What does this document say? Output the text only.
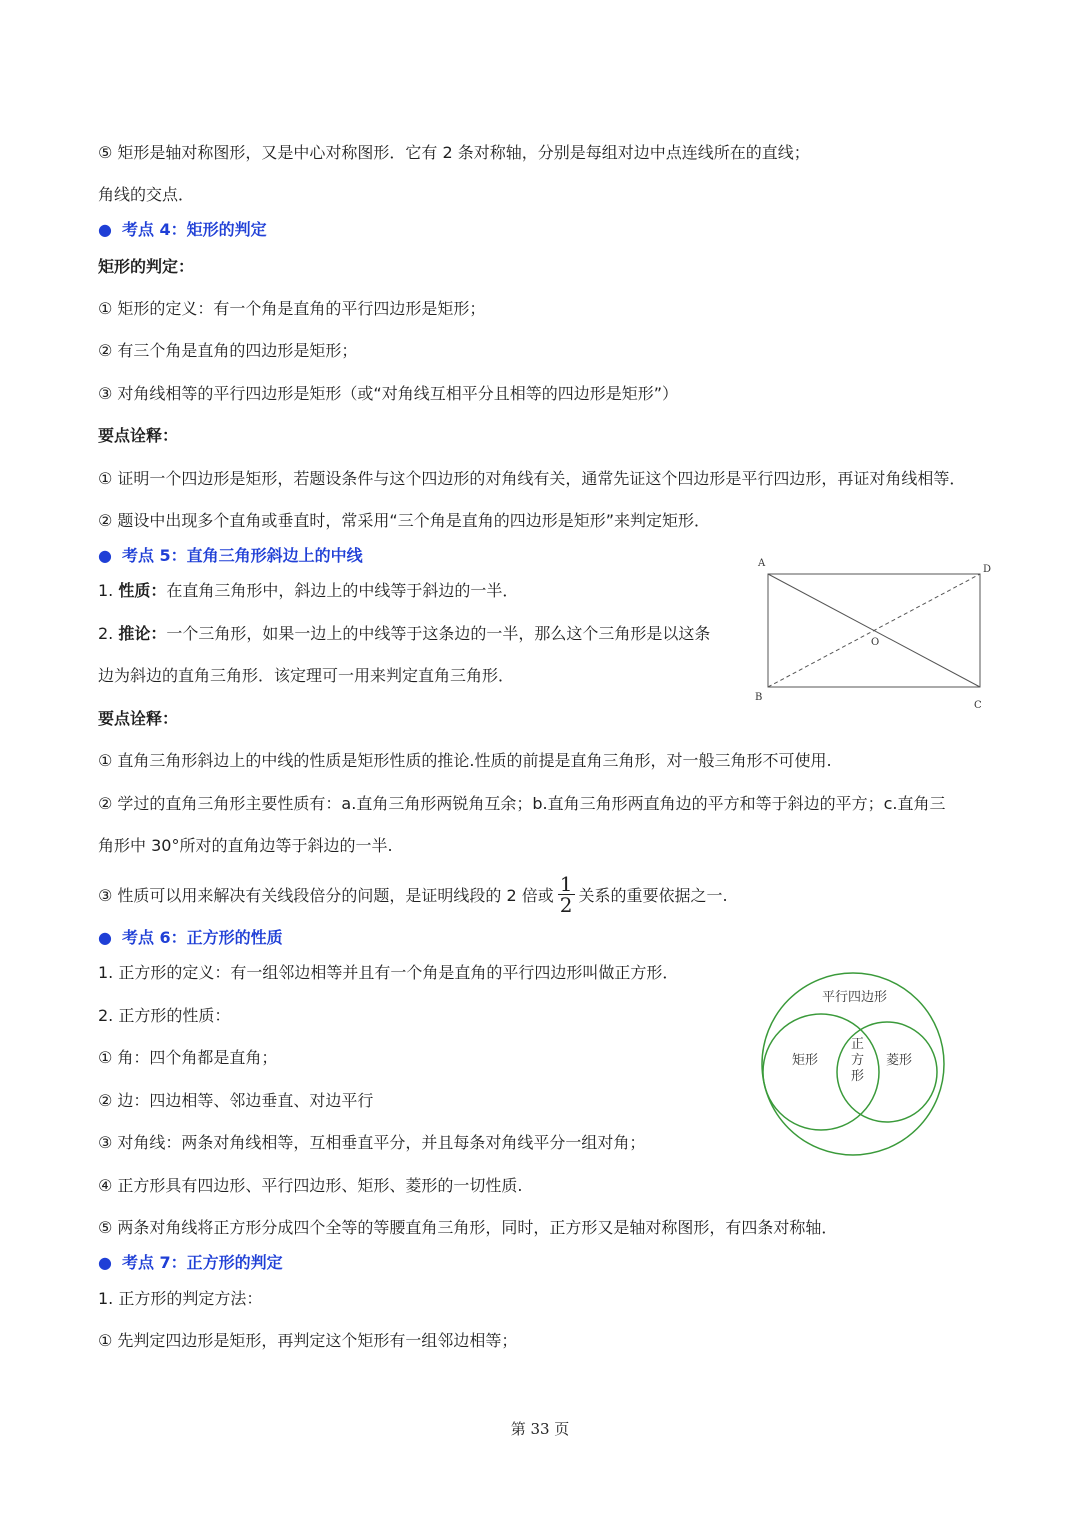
⑤ 矩形是轴对称图形，又是中心对称图形．它有 2 条对称轴，分别是每组对边中点连线所在的直线；
角线的交点．
● 考点 4：矩形的判定
矩形的判定：
① 矩形的定义：有一个角是直角的平行四边形是矩形；
② 有三个角是直角的四边形是矩形；
③ 对角线相等的平行四边形是矩形（或“对角线互相平分且相等的四边形是矩形”）
要点诠释：
① 证明一个四边形是矩形，若题设条件与这个四边形的对角线有关，通常先证这个四边形是平行四边形，再证对角线相等．
② 题设中出现多个直角或垂直时，常采用“三个角是直角的四边形是矩形”来判定矩形．
● 考点 5：直角三角形斜边上的中线
1. 性质：在直角三角形中，斜边上的中线等于斜边的一半．
2. 推论：一个三角形，如果一边上的中线等于这条边的一半，那么这个三角形是以这条
边为斜边的直角三角形．该定理可一用来判定直角三角形．
要点诠释：
① 直角三角形斜边上的中线的性质是矩形性质的推论.性质的前提是直角三角形，对一般三角形不可使用.
② 学过的直角三角形主要性质有：a.直角三角形两锐角互余；b.直角三角形两直角边的平方和等于斜边的平方；c.直角三
角形中 30°所对的直角边等于斜边的一半.
③ 性质可以用来解决有关线段倍分的问题，是证明线段的 2 倍或 $\frac{1}{2}$ 关系的重要依据之一.
● 考点 6：正方形的性质
1. 正方形的定义：有一组邻边相等并且有一个角是直角的平行四边形叫做正方形．
2. 正方形的性质：
① 角：四个角都是直角；
② 边：四边相等、邻边垂直、对边平行
③ 对角线：两条对角线相等，互相垂直平分，并且每条对角线平分一组对角；
④ 正方形具有四边形、平行四边形、矩形、菱形的一切性质.
⑤ 两条对角线将正方形分成四个全等的等腰直角三角形，同时，正方形又是轴对称图形，有四条对称轴．
● 考点 7：正方形的判定
1. 正方形的判定方法：
① 先判定四边形是矩形，再判定这个矩形有一组邻边相等；
A
D
B
C
O
平行四边形
矩形	菱形
正
方
形
第 33 页
